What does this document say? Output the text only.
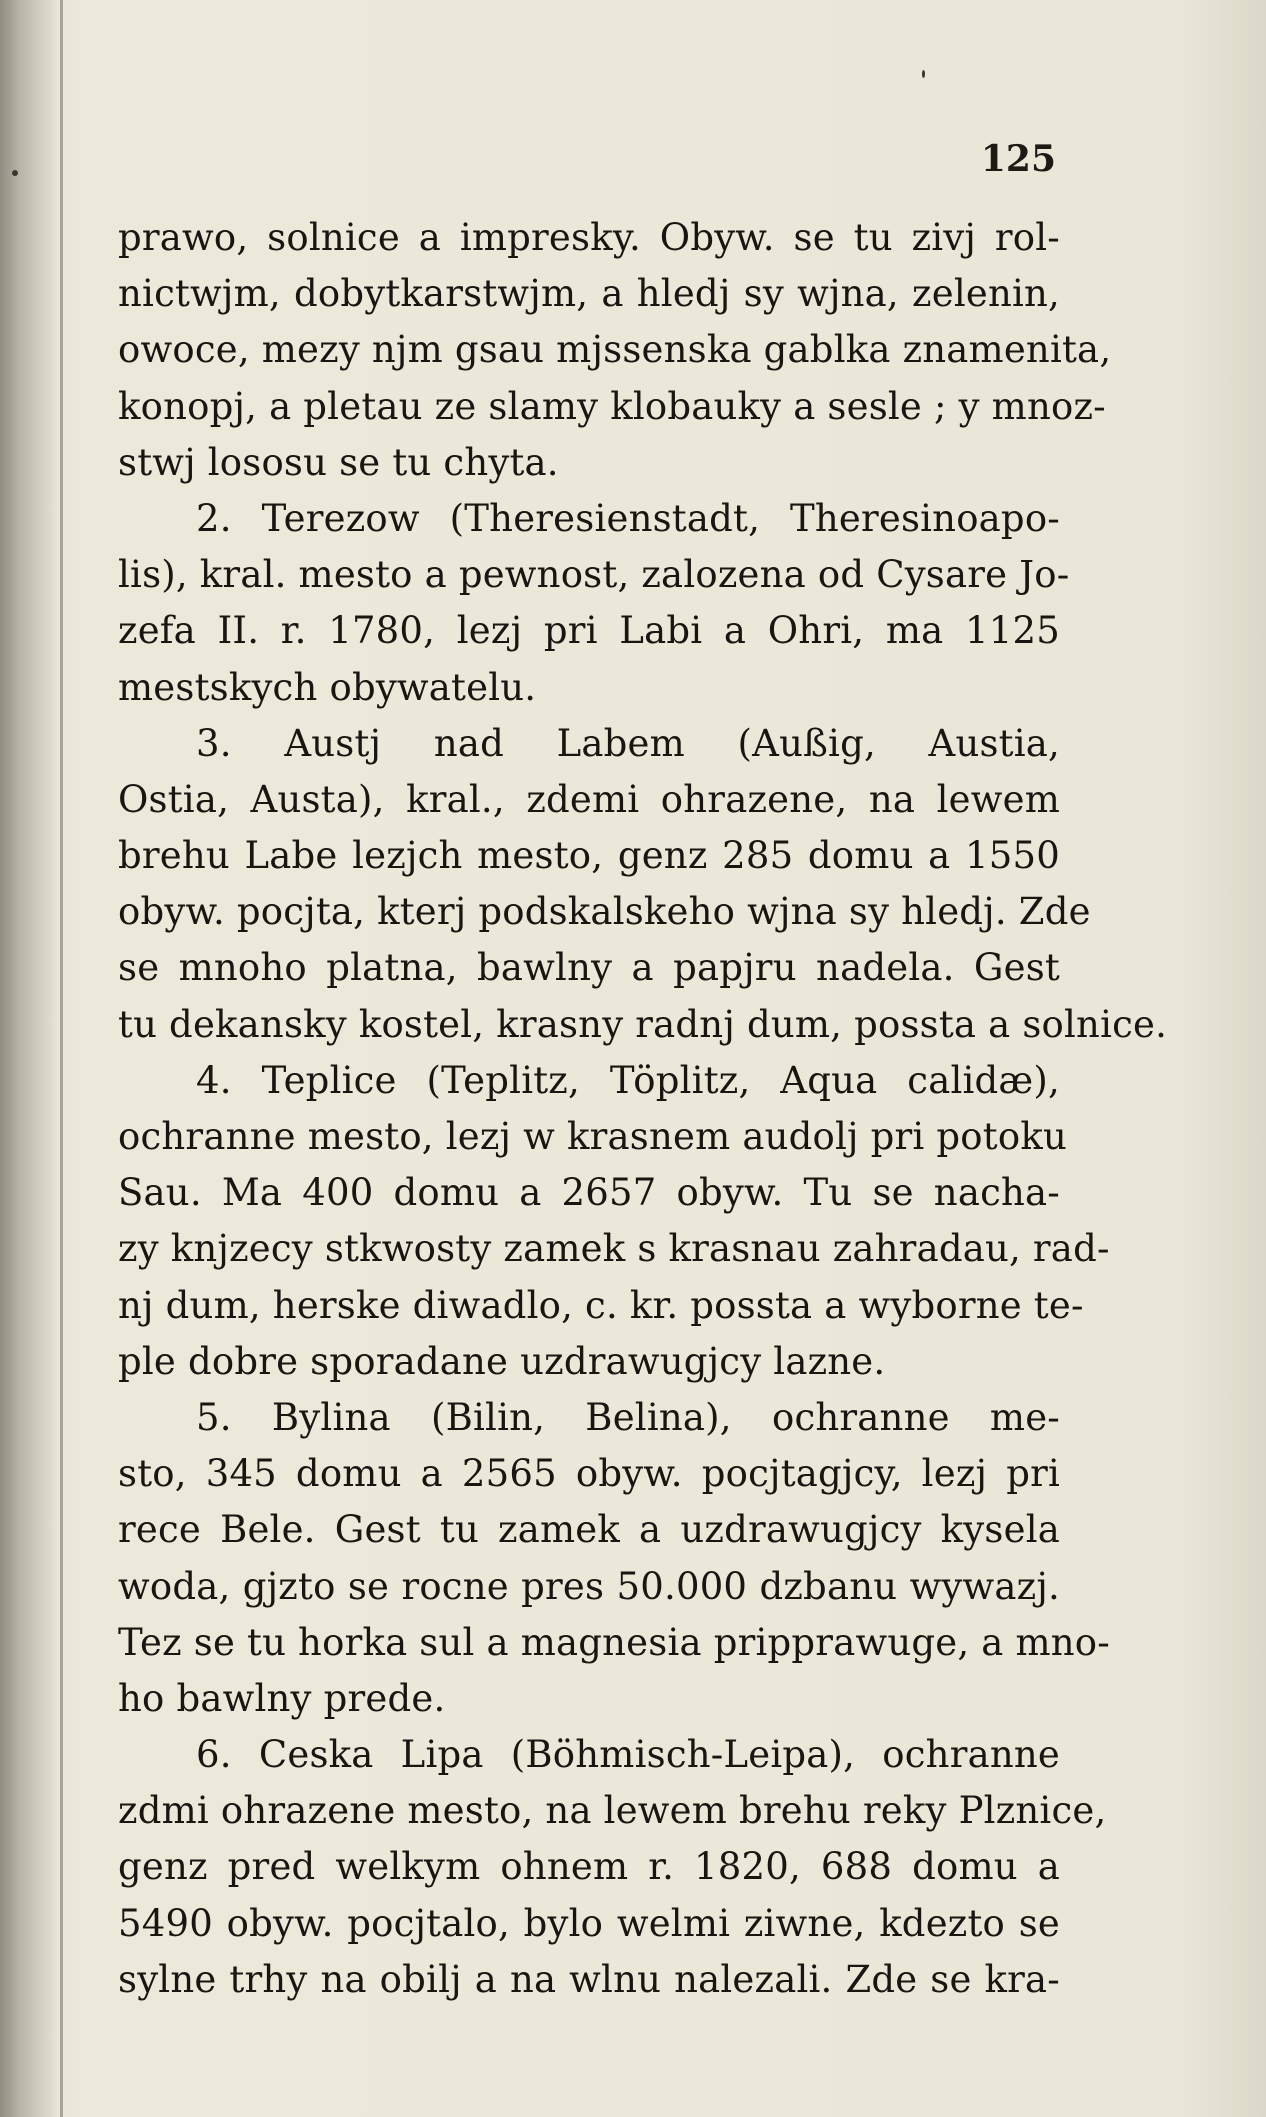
125
prawo, solnice a impresky. Obyw. se tu zivj rol-
nictwjm, dobytkarstwjm, a hledj sy wjna, zelenin,
owoce, mezy njm gsau mjssenska gablka znamenita,
konopj, a pletau ze slamy klobauky a sesle ; y mnoz-
stwj lososu se tu chyta.
2. Terezow (Theresienstadt, Theresinoapo-
lis), kral. mesto a pewnost, zalozena od Cysare Jo-
zefa II. r. 1780, lezj pri Labi a Ohri, ma 1125
mestskych obywatelu.
3. Austj nad Labem (Außig, Austia,
Ostia, Austa), kral., zdemi ohrazene, na lewem
brehu Labe lezjch mesto, genz 285 domu a 1550
obyw. pocjta, kterj podskalskeho wjna sy hledj. Zde
se mnoho platna, bawlny a papjru nadela. Gest
tu dekansky kostel, krasny radnj dum, possta a solnice.
4. Teplice (Teplitz, Töplitz, Aqua calidæ),
ochranne mesto, lezj w krasnem audolj pri potoku
Sau. Ma 400 domu a 2657 obyw. Tu se nacha-
zy knjzecy stkwosty zamek s krasnau zahradau, rad-
nj dum, herske diwadlo, c. kr. possta a wyborne te-
ple dobre sporadane uzdrawugjcy lazne.
5. Bylina (Bilin, Belina), ochranne me-
sto, 345 domu a 2565 obyw. pocjtagjcy, lezj pri
rece Bele. Gest tu zamek a uzdrawugjcy kysela
woda, gjzto se rocne pres 50.000 dzbanu wywazj.
Tez se tu horka sul a magnesia pripprawuge, a mno-
ho bawlny prede.
6. Ceska Lipa (Böhmisch-Leipa), ochranne
zdmi ohrazene mesto, na lewem brehu reky Plznice,
genz pred welkym ohnem r. 1820, 688 domu a
5490 obyw. pocjtalo, bylo welmi ziwne, kdezto se
sylne trhy na obilj a na wlnu nalezali. Zde se kra-
